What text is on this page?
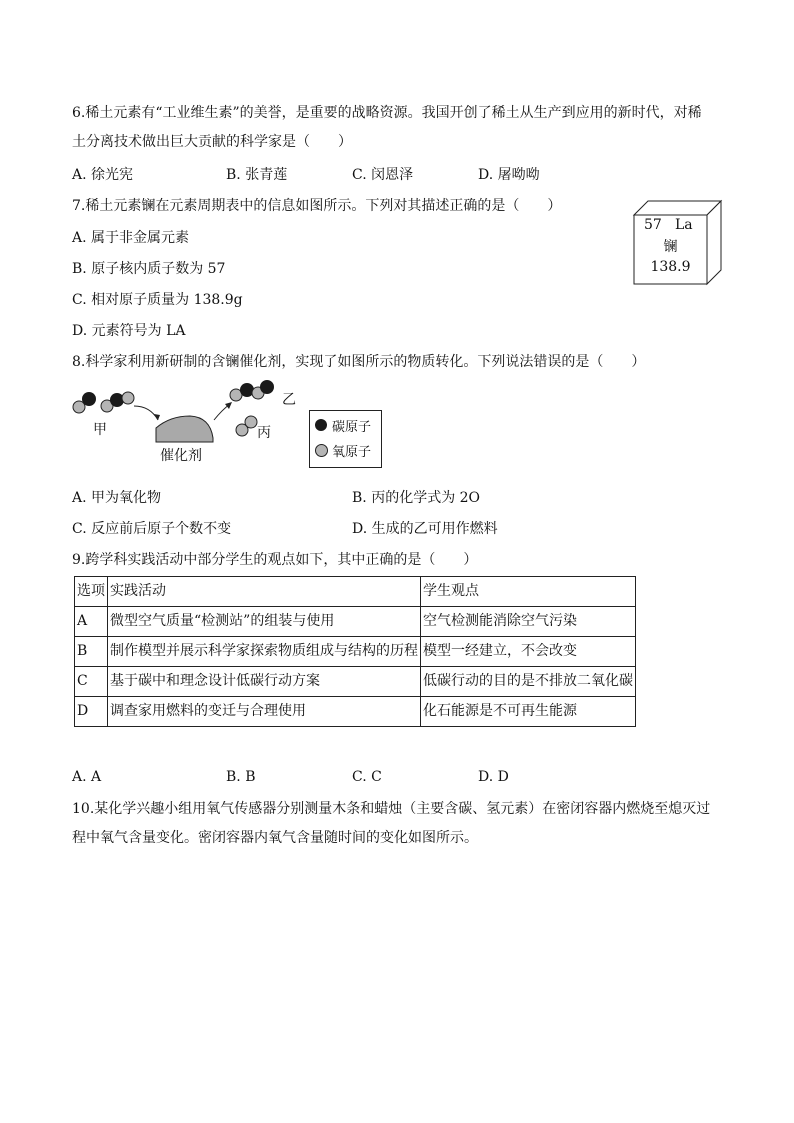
6.稀土元素有“工业维生素”的美誉，是重要的战略资源。我国开创了稀土从生产到应用的新时代，对稀
土分离技术做出巨大贡献的科学家是（　　）
A. 徐光宪	B. 张青莲	C. 闵恩泽	D. 屠呦呦
7.稀土元素镧在元素周期表中的信息如图所示。下列对其描述正确的是（　　）
A. 属于非金属元素
B. 原子核内质子数为 57
C. 相对原子质量为 138.9g
D. 元素符号为 LA
57 La
镧
138.9
8.科学家利用新研制的含镧催化剂，实现了如图所示的物质转化。下列说法错误的是（　　）
甲
乙
丙
催化剂
碳原子
氧原子
A. 甲为氧化物	B. 丙的化学式为 2O
C. 反应前后原子个数不变	D. 生成的乙可用作燃料
9.跨学科实践活动中部分学生的观点如下，其中正确的是（　　）
选项	实践活动	学生观点
A	微型空气质量“检测站”的组装与使用	空气检测能消除空气污染
B	制作模型并展示科学家探索物质组成与结构的历程	模型一经建立，不会改变
C	基于碳中和理念设计低碳行动方案	低碳行动的目的是不排放二氧化碳
D	调查家用燃料的变迁与合理使用	化石能源是不可再生能源
A. A	B. B	C. C	D. D
10.某化学兴趣小组用氧气传感器分别测量木条和蜡烛（主要含碳、氢元素）在密闭容器内燃烧至熄灭过
程中氧气含量变化。密闭容器内氧气含量随时间的变化如图所示。
